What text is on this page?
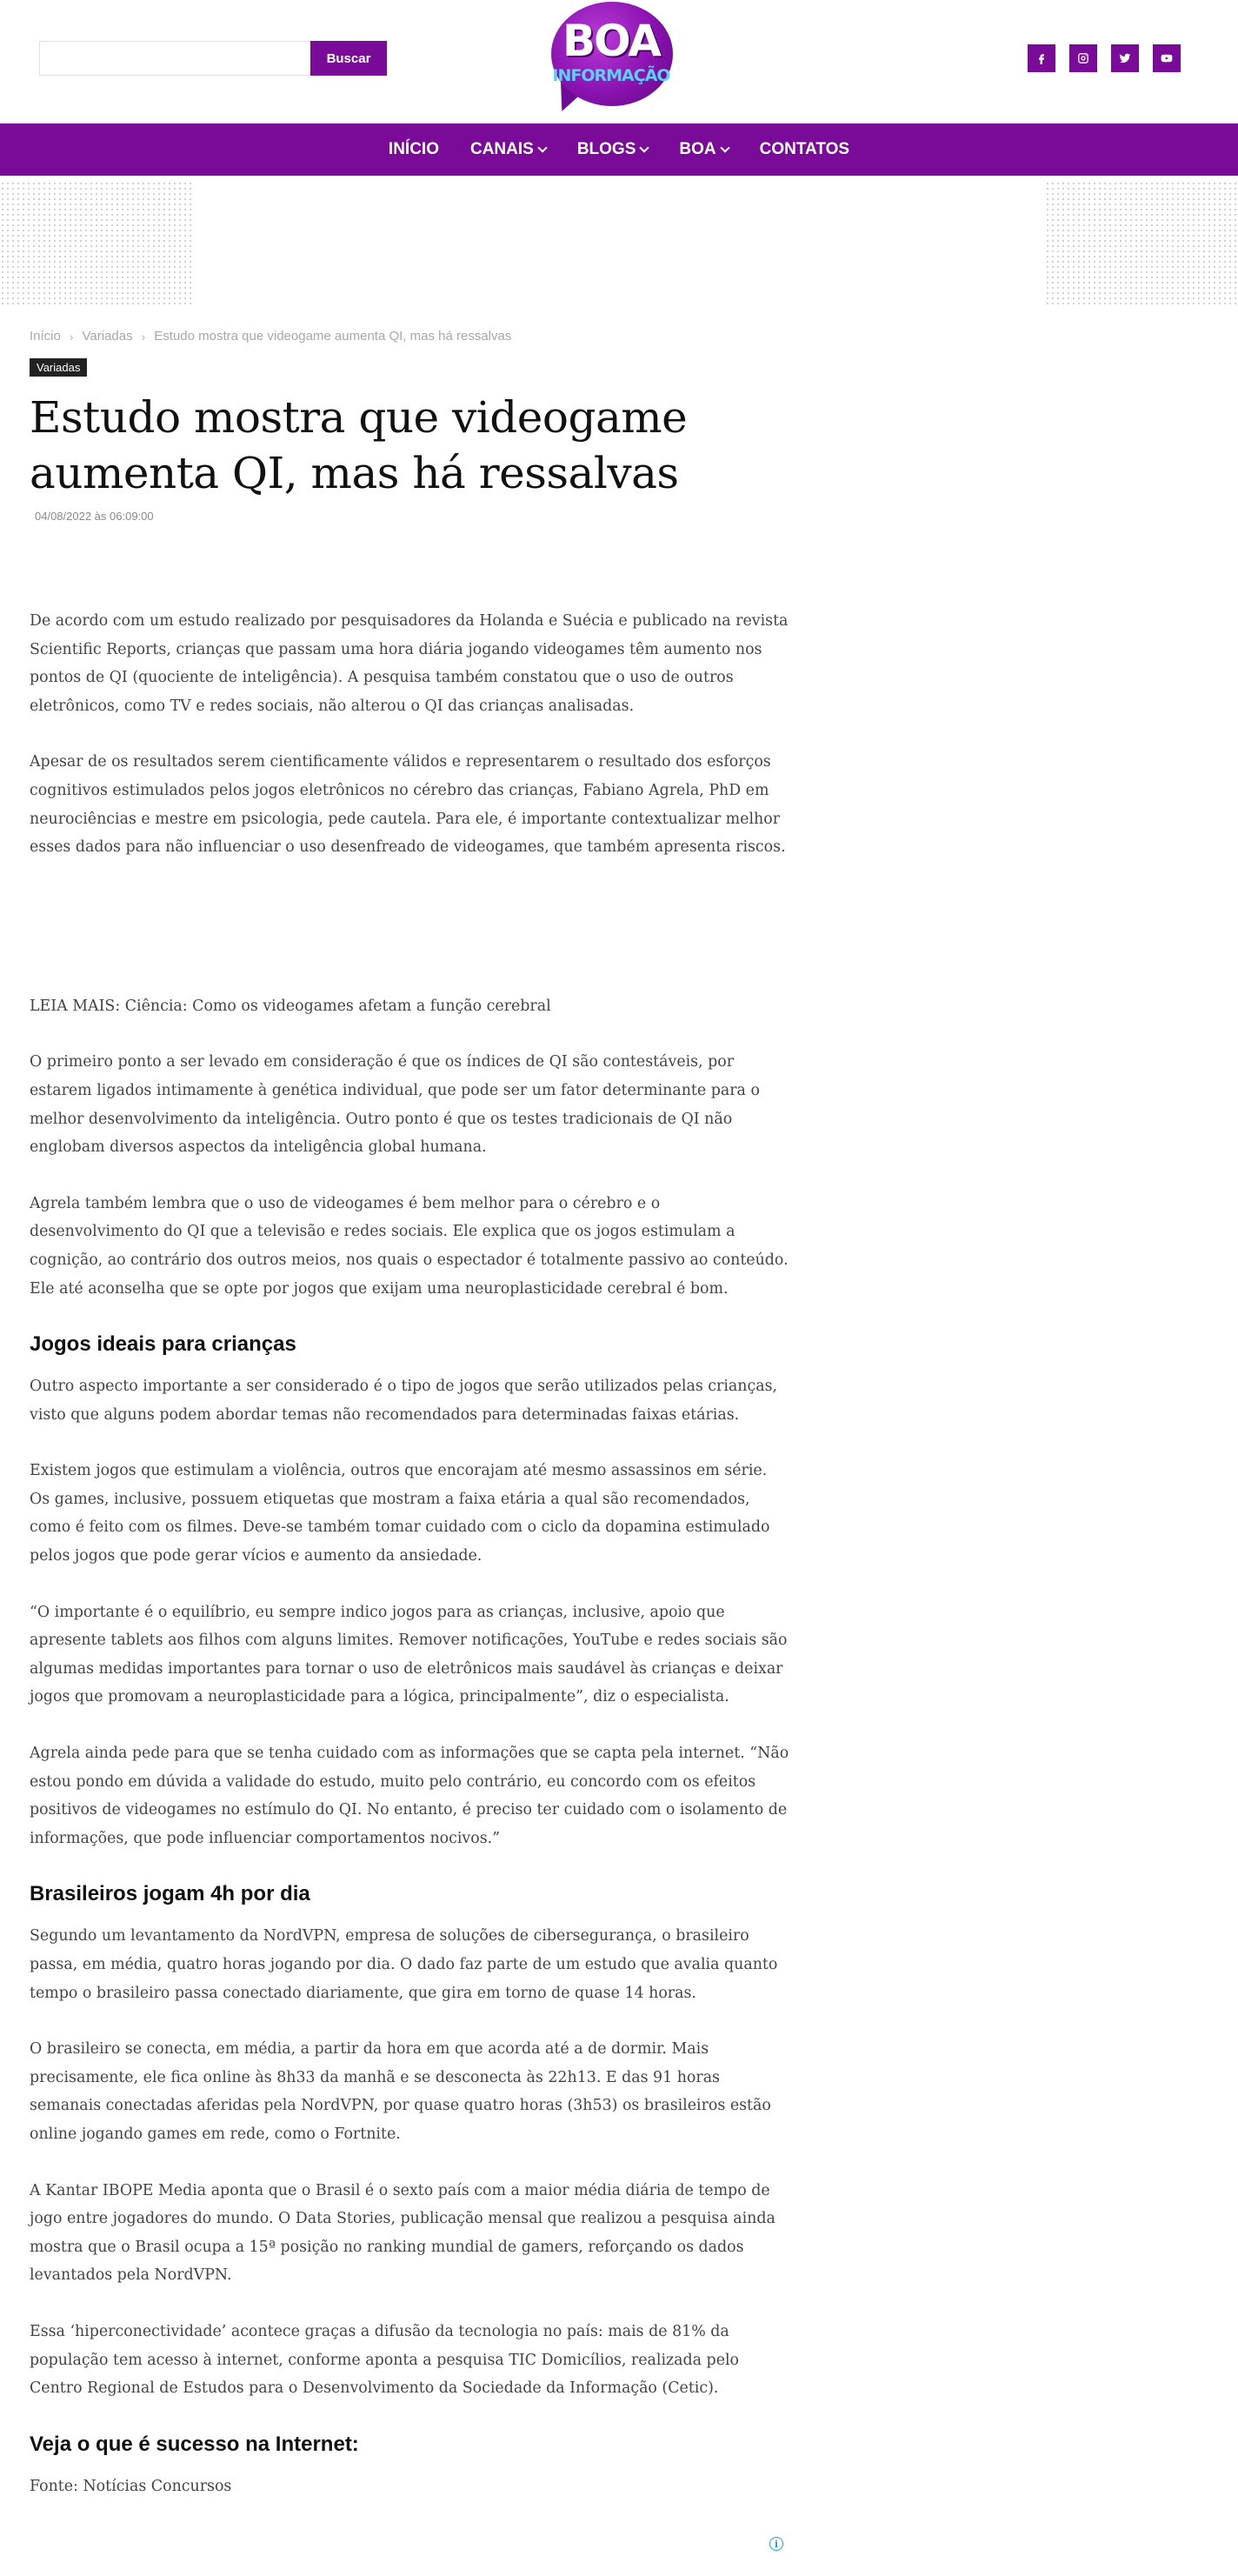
Buscar	BOA
INFORMAÇÃO
INÍCIO CANAIS	BLOGS	BOA	CONTATOS
Início › Variadas › Estudo mostra que videogame aumenta QI, mas há ressalvas
Variadas
Estudo mostra que videogame aumenta QI, mas há ressalvas
04/08/2022 às 06:09:00

De acordo com um estudo realizado por pesquisadores da Holanda e Suécia e publicado na revista Scientific Reports, crianças que passam uma hora diária jogando videogames têm aumento nos pontos de QI (quociente de inteligência). A pesquisa também constatou que o uso de outros eletrônicos, como TV e redes sociais, não alterou o QI das crianças analisadas.

Apesar de os resultados serem cientificamente válidos e representarem o resultado dos esforços cognitivos estimulados pelos jogos eletrônicos no cérebro das crianças, Fabiano Agrela, PhD em neurociências e mestre em psicologia, pede cautela. Para ele, é importante contextualizar melhor esses dados para não influenciar o uso desenfreado de videogames, que também apresenta riscos.

LEIA MAIS: Ciência: Como os videogames afetam a função cerebral

O primeiro ponto a ser levado em consideração é que os índices de QI são contestáveis, por estarem ligados intimamente à genética individual, que pode ser um fator determinante para o melhor desenvolvimento da inteligência. Outro ponto é que os testes tradicionais de QI não englobam diversos aspectos da inteligência global humana.

Agrela também lembra que o uso de videogames é bem melhor para o cérebro e o desenvolvimento do QI que a televisão e redes sociais. Ele explica que os jogos estimulam a cognição, ao contrário dos outros meios, nos quais o espectador é totalmente passivo ao conteúdo. Ele até aconselha que se opte por jogos que exijam uma neuroplasticidade cerebral é bom.

Jogos ideais para crianças

Outro aspecto importante a ser considerado é o tipo de jogos que serão utilizados pelas crianças, visto que alguns podem abordar temas não recomendados para determinadas faixas etárias.

Existem jogos que estimulam a violência, outros que encorajam até mesmo assassinos em série. Os games, inclusive, possuem etiquetas que mostram a faixa etária a qual são recomendados, como é feito com os filmes. Deve-se também tomar cuidado com o ciclo da dopamina estimulado pelos jogos que pode gerar vícios e aumento da ansiedade.

“O importante é o equilíbrio, eu sempre indico jogos para as crianças, inclusive, apoio que apresente tablets aos filhos com alguns limites. Remover notificações, YouTube e redes sociais são algumas medidas importantes para tornar o uso de eletrônicos mais saudável às crianças e deixar jogos que promovam a neuroplasticidade para a lógica, principalmente”, diz o especialista.

Agrela ainda pede para que se tenha cuidado com as informações que se capta pela internet. “Não estou pondo em dúvida a validade do estudo, muito pelo contrário, eu concordo com os efeitos positivos de videogames no estímulo do QI. No entanto, é preciso ter cuidado com o isolamento de informações, que pode influenciar comportamentos nocivos.”

Brasileiros jogam 4h por dia

Segundo um levantamento da NordVPN, empresa de soluções de cibersegurança, o brasileiro passa, em média, quatro horas jogando por dia. O dado faz parte de um estudo que avalia quanto tempo o brasileiro passa conectado diariamente, que gira em torno de quase 14 horas.

O brasileiro se conecta, em média, a partir da hora em que acorda até a de dormir. Mais precisamente, ele fica online às 8h33 da manhã e se desconecta às 22h13. E das 91 horas semanais conectadas aferidas pela NordVPN, por quase quatro horas (3h53) os brasileiros estão online jogando games em rede, como o Fortnite.

A Kantar IBOPE Media aponta que o Brasil é o sexto país com a maior média diária de tempo de jogo entre jogadores do mundo. O Data Stories, publicação mensal que realizou a pesquisa ainda mostra que o Brasil ocupa a 15ª posição no ranking mundial de gamers, reforçando os dados levantados pela NordVPN.

Essa ‘hiperconectividade’ acontece graças a difusão da tecnologia no país: mais de 81% da população tem acesso à internet, conforme aponta a pesquisa TIC Domicílios, realizada pelo Centro Regional de Estudos para o Desenvolvimento da Sociedade da Informação (Cetic).

Veja o que é sucesso na Internet:

Fonte: Notícias Concursos

i
